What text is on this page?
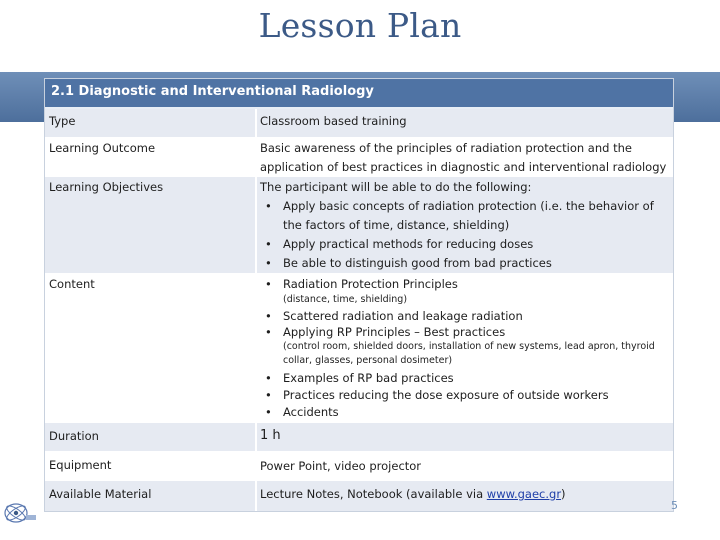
Lesson Plan
2.1 Diagnostic and Interventional Radiology
Type	Classroom based training
Learning Outcome	Basic awareness of the principles of radiation protection and the
application of best practices in diagnostic and interventional radiology
Learning Objectives	The participant will be able to do the following:
• Apply basic concepts of radiation protection (i.e. the behavior of
the factors of time, distance, shielding)
• Apply practical methods for reducing doses
• Be able to distinguish good from bad practices
Content	• Radiation Protection Principles
(distance, time, shielding)
• Scattered radiation and leakage radiation
• Applying RP Principles – Best practices
(control room, shielded doors, installation of new systems, lead apron, thyroid
collar, glasses, personal dosimeter)
• Examples of RP bad practices
• Practices reducing the dose exposure of outside workers
• Accidents
Duration	1 h
Equipment	Power Point, video projector
Available Material	Lecture Notes, Notebook (available via www.gaec.gr)
5
